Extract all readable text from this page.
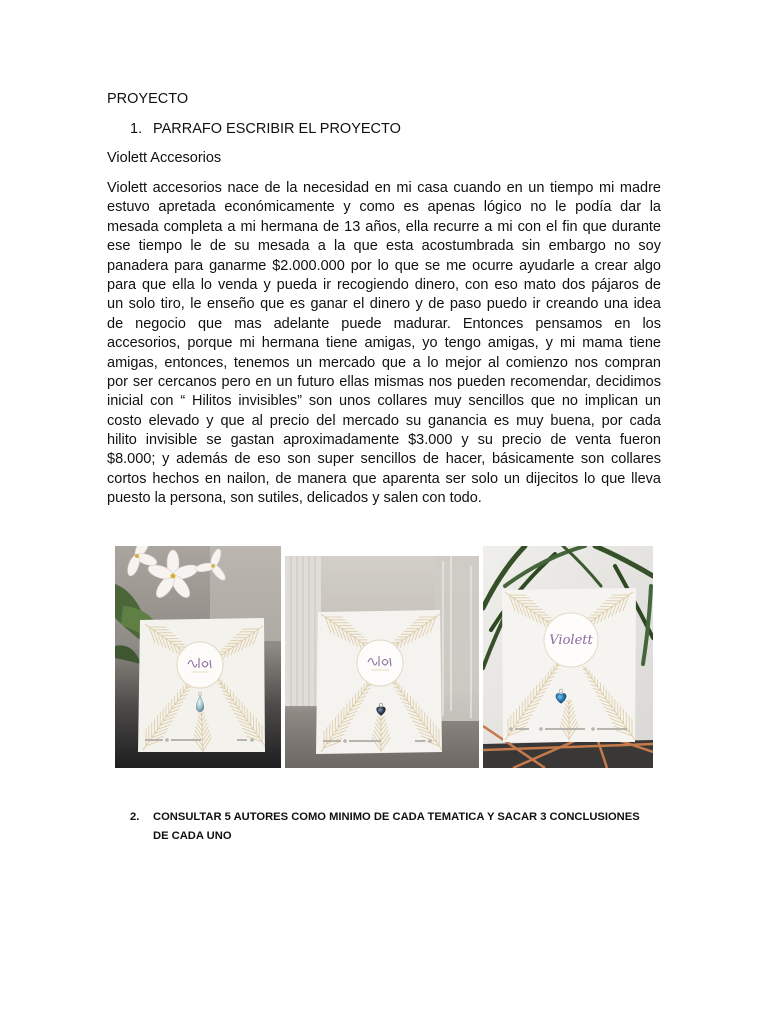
PROYECTO
1. PARRAFO ESCRIBIR EL PROYECTO
Violett Accesorios
Violett accesorios nace de la necesidad en mi casa cuando en un tiempo mi madre
estuvo apretada económicamente y como es apenas lógico no le podía dar la
mesada completa a mi hermana de 13 años, ella recurre a mi con el fin que durante
ese tiempo le de su mesada a la que esta acostumbrada sin embargo no soy
panadera para ganarme $2.000.000 por lo que se me ocurre ayudarle a crear algo
para que ella lo venda y pueda ir recogiendo dinero, con eso mato dos pájaros de
un solo tiro, le enseño que es ganar el dinero y de paso puedo ir creando una idea
de negocio que mas adelante puede madurar. Entonces pensamos en los
accesorios, porque mi hermana tiene amigas, yo tengo amigas, y mi mama tiene
amigas, entonces, tenemos un mercado que a lo mejor al comienzo nos compran
por ser cercanos pero en un futuro ellas mismas nos pueden recomendar, decidimos
inicial con “ Hilitos invisibles” son unos collares muy sencillos que no implican un
costo elevado y que al precio del mercado su ganancia es muy buena, por cada
hilito invisible se gastan aproximadamente $3.000 y su precio de venta fueron
$8.000; y además de eso son super sencillos de hacer, básicamente son collares
cortos hechos en nailon, de manera que aparenta ser solo un dijecitos lo que lleva
puesto la persona, son sutiles, delicados y salen con todo.
Violett
2. CONSULTAR 5 AUTORES COMO MINIMO DE CADA TEMATICA Y SACAR 3 CONCLUSIONES
DE CADA UNO
